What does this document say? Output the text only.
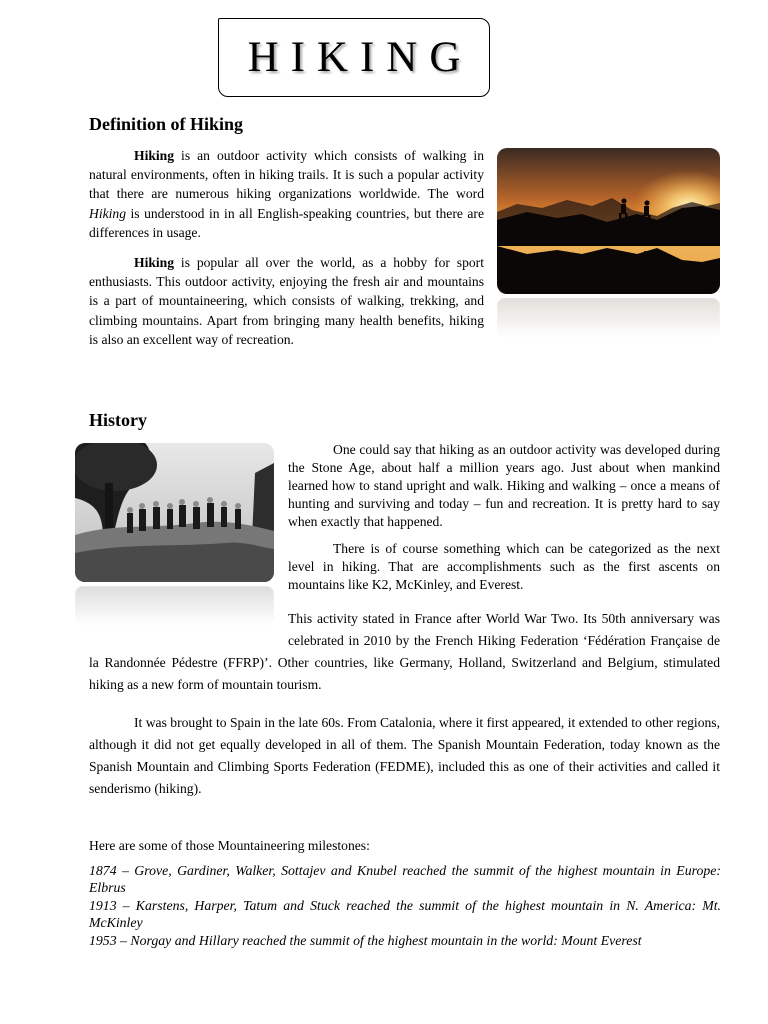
HIKING
Definition of Hiking

Hiking is an outdoor activity which consists of walking in natural environments, often in hiking trails. It is such a popular activity that there are numerous hiking organizations worldwide. The word Hiking is understood in in all English-speaking countries, but there are differences in usage.

Hiking is popular all over the world, as a hobby for sport enthusiasts. This outdoor activity, enjoying the fresh air and mountains is a part of mountaineering, which consists of walking, trekking, and climbing mountains. Apart from bringing many health benefits, hiking is also an excellent way of recreation.

History

One could say that hiking as an outdoor activity was developed during the Stone Age, about half a million years ago. Just about when mankind learned how to stand upright and walk. Hiking and walking – once a means of hunting and surviving and today – fun and recreation. It is pretty hard to say when exactly that happened.

There is of course something which can be categorized as the next level in hiking. That are accomplishments such as the first ascents on mountains like K2, McKinley, and Everest.

This activity stated in France after World War Two. Its 50th anniversary was celebrated in 2010 by the French Hiking Federation ‘Fédération Française de la Randonnée Pédestre (FFRP)’. Other countries, like Germany, Holland, Switzerland and Belgium, stimulated hiking as a new form of mountain tourism.

It was brought to Spain in the late 60s. From Catalonia, where it first appeared, it extended to other regions, although it did not get equally developed in all of them. The Spanish Mountain Federation, today known as the Spanish Mountain and Climbing Sports Federation (FEDME), included this as one of their activities and called it senderismo (hiking).

Here are some of those Mountaineering milestones:

1874 – Grove, Gardiner, Walker, Sottajev and Knubel reached the summit of the highest mountain in Europe: Elbrus

1913 – Karstens, Harper, Tatum and Stuck reached the summit of the highest mountain in N. America: Mt. McKinley

1953 – Norgay and Hillary reached the summit of the highest mountain in the world: Mount Everest
